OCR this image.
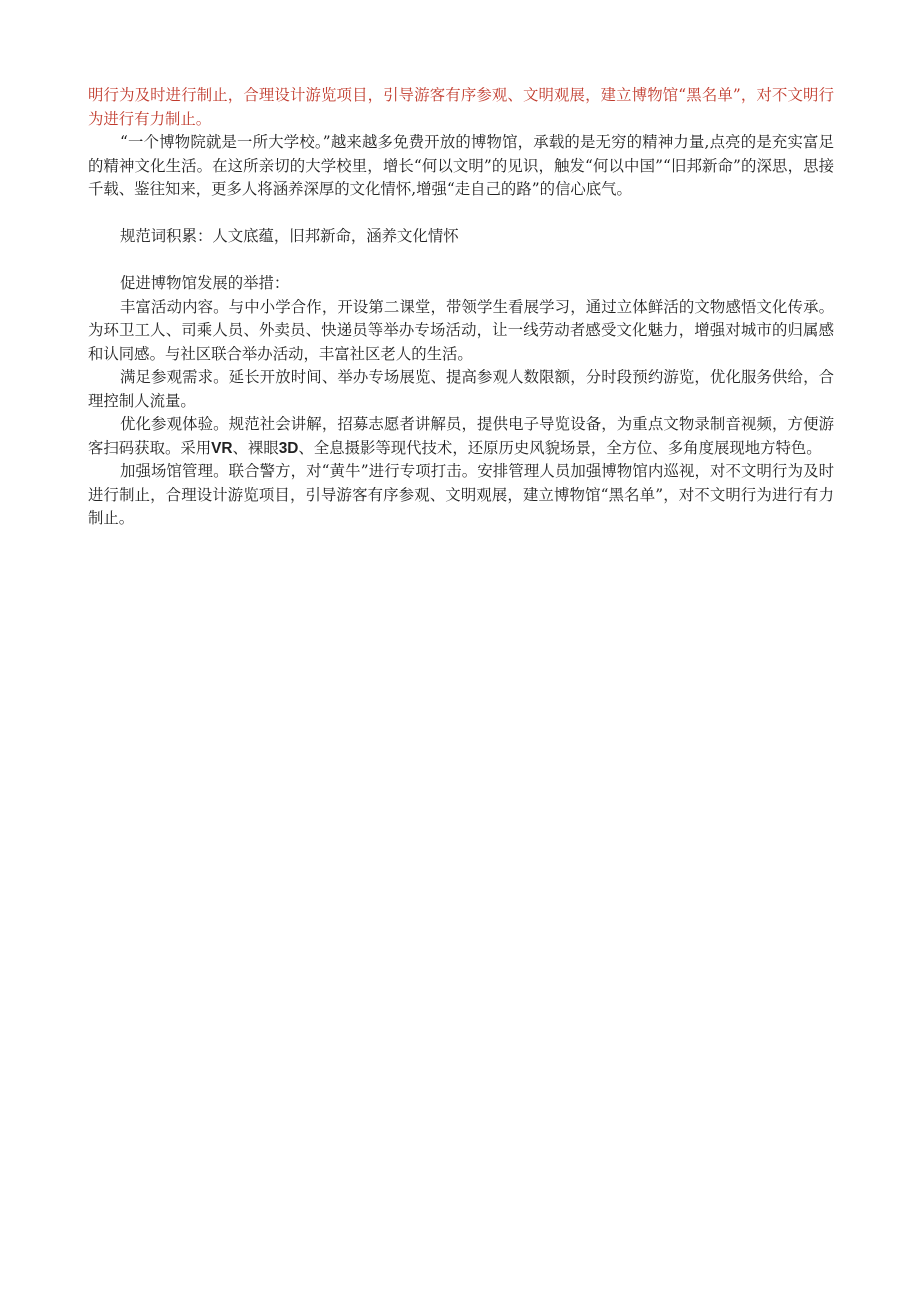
明行为及时进行制止，合理设计游览项目，引导游客有序参观、文明观展，建立博物馆“黑名单”，对不文明行为进行有力制止。

“一个博物院就是一所大学校。”越来越多免费开放的博物馆，承载的是无穷的精神力量,点亮的是充实富足的精神文化生活。在这所亲切的大学校里，增长“何以文明”的见识，触发“何以中国”“旧邦新命”的深思，思接千载、鉴往知来，更多人将涵养深厚的文化情怀,增强“走自己的路”的信心底气。

规范词积累：人文底蕴，旧邦新命，涵养文化情怀

促进博物馆发展的举措：

丰富活动内容。与中小学合作，开设第二课堂，带领学生看展学习，通过立体鲜活的文物感悟文化传承。为环卫工人、司乘人员、外卖员、快递员等举办专场活动，让一线劳动者感受文化魅力，增强对城市的归属感和认同感。与社区联合举办活动，丰富社区老人的生活。

满足参观需求。延长开放时间、举办专场展览、提高参观人数限额，分时段预约游览，优化服务供给，合理控制人流量。

优化参观体验。规范社会讲解，招募志愿者讲解员，提供电子导览设备，为重点文物录制音视频，方便游客扫码获取。采用VR、裸眼3D、全息摄影等现代技术，还原历史风貌场景，全方位、多角度展现地方特色。

加强场馆管理。联合警方，对“黄牛”进行专项打击。安排管理人员加强博物馆内巡视，对不文明行为及时进行制止，合理设计游览项目，引导游客有序参观、文明观展，建立博物馆“黑名单”，对不文明行为进行有力制止。
